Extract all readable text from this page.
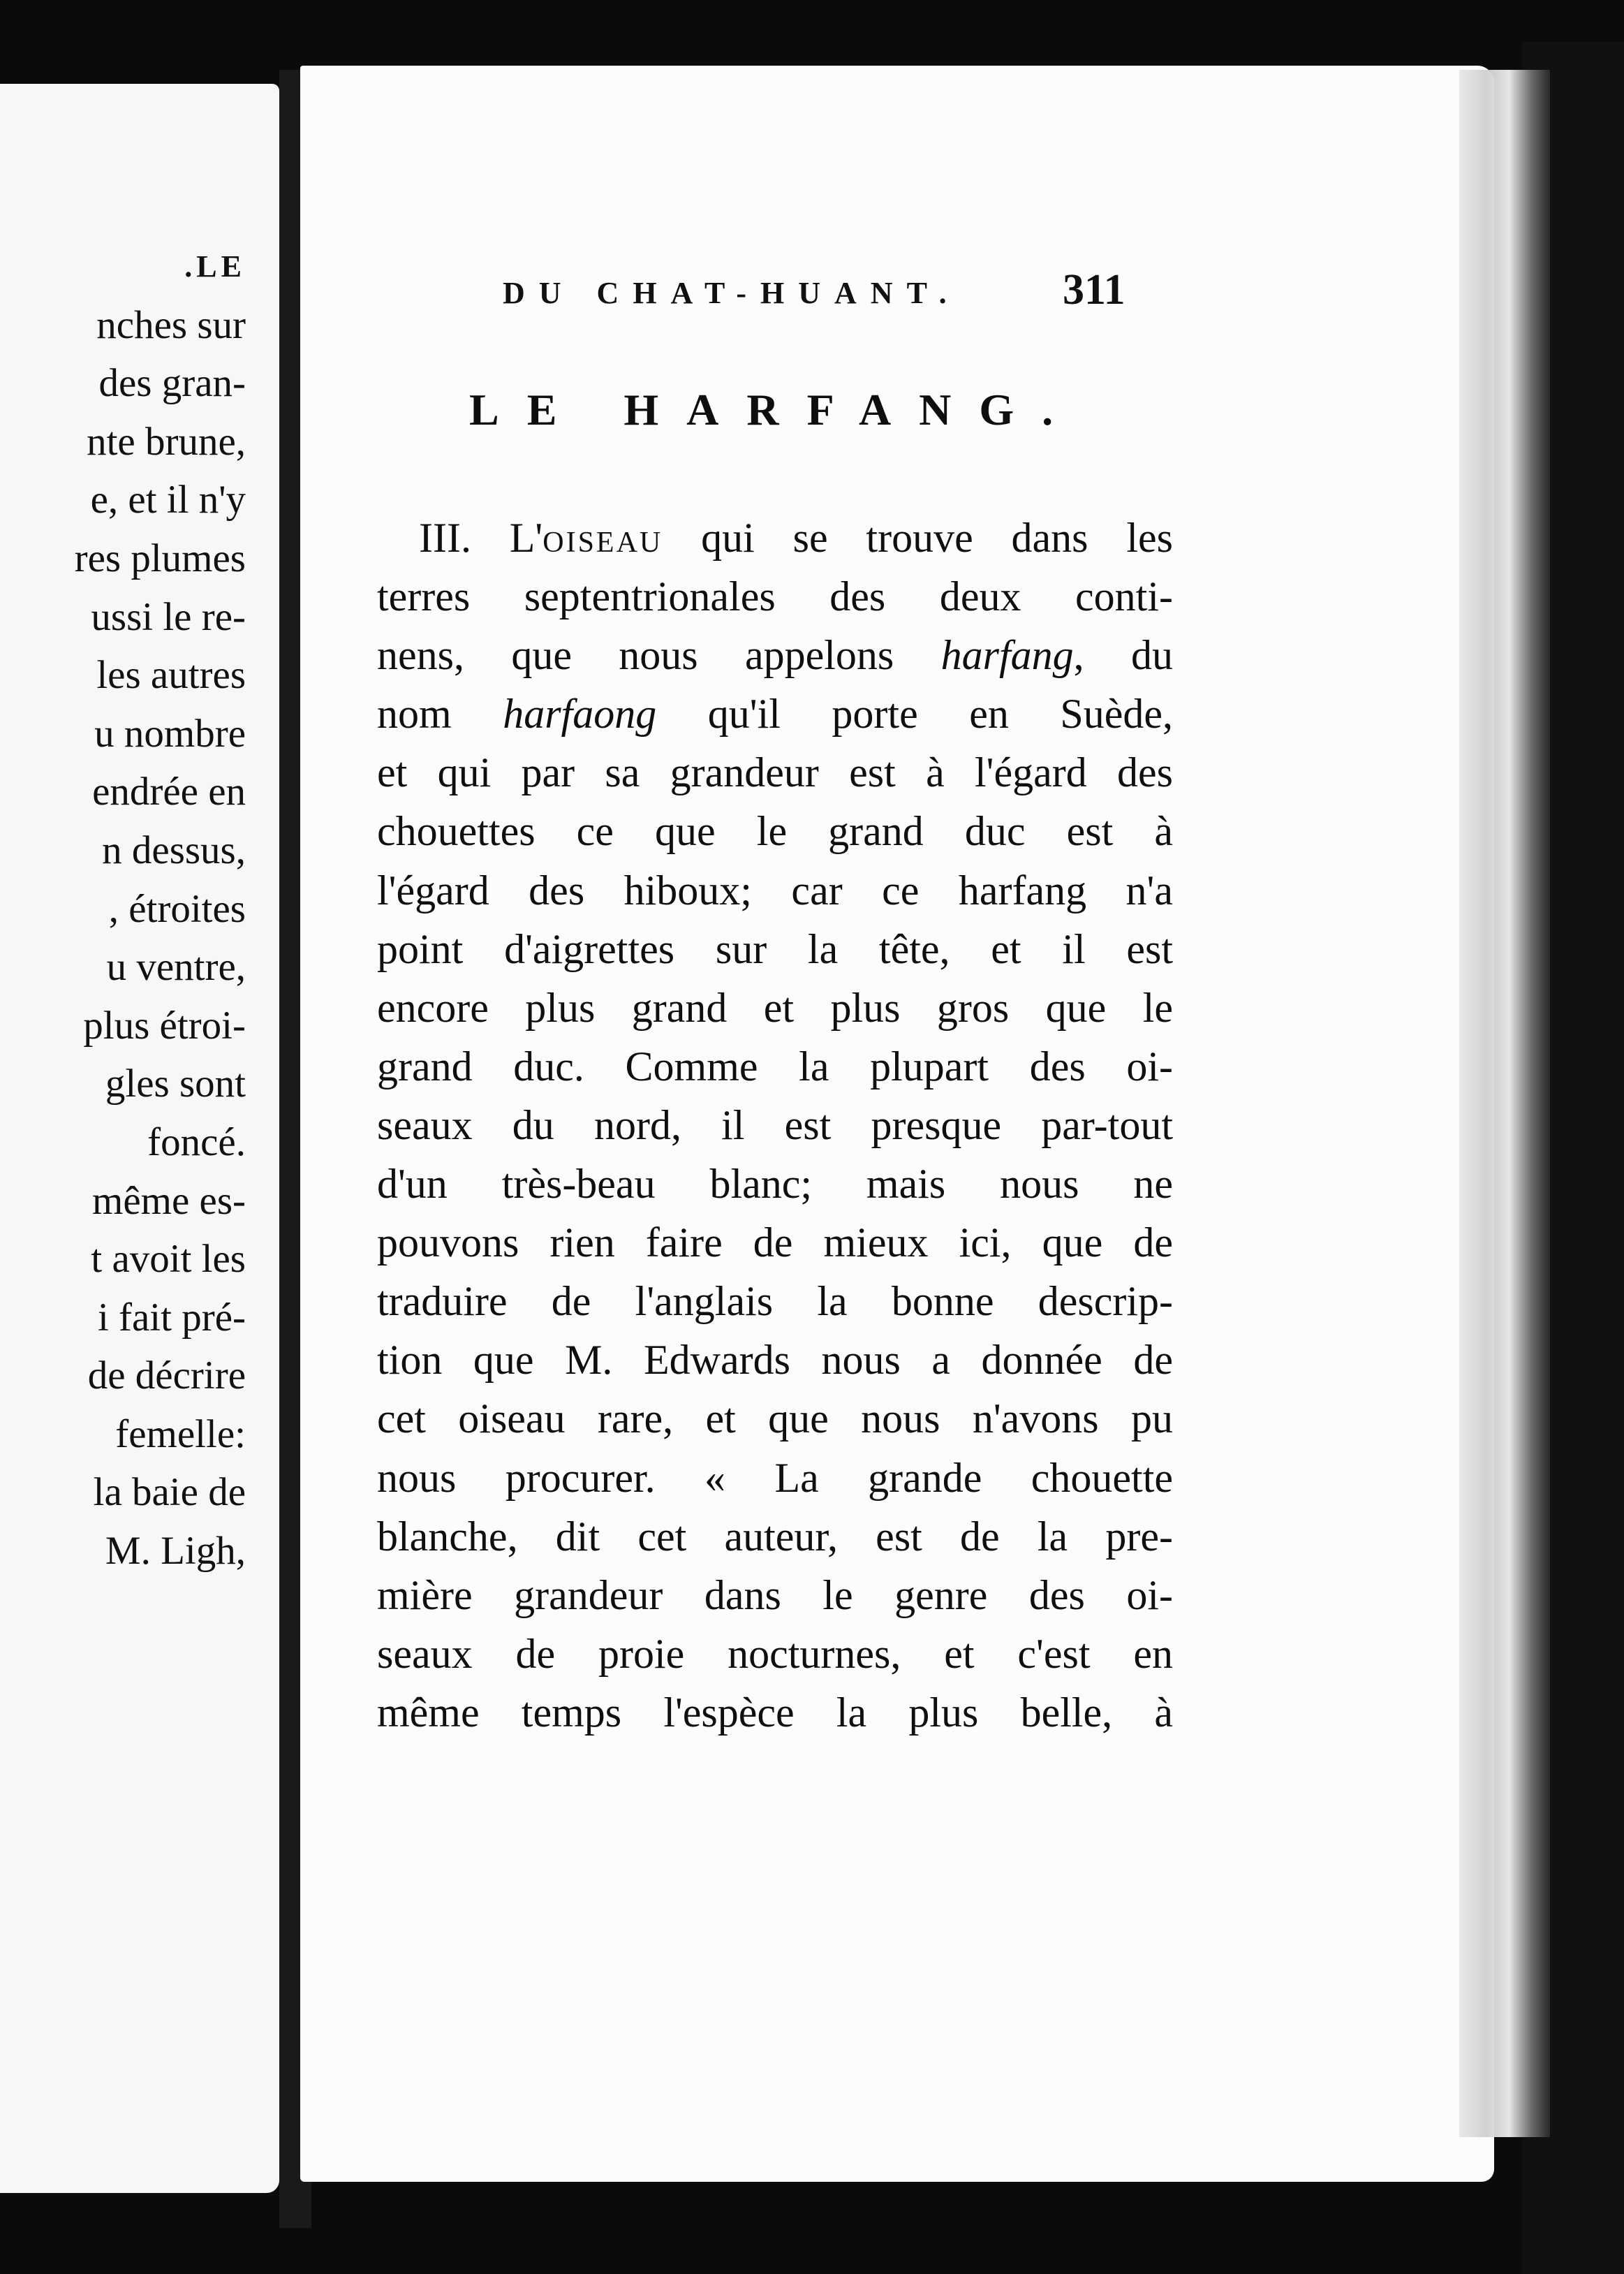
.LE
nches sur
des gran-
nte brune,
e, et il n'y
res plumes
ussi le re-
les autres
u nombre
endrée en
n dessus,
, étroites
u ventre,
plus étroi-
gles sont
foncé.
même es-
t avoit les
i fait pré-
de décrire
femelle:
la baie de
M. Ligh,
DU CHAT-HUANT. 311
LE HARFANG.
III. L'oiseau qui se trouve dans les
terres septentrionales des deux conti-
nens, que nous appelons harfang, du
nom harfaong qu'il porte en Suède,
et qui par sa grandeur est à l'égard des
chouettes ce que le grand duc est à
l'égard des hiboux; car ce harfang n'a
point d'aigrettes sur la tête, et il est
encore plus grand et plus gros que le
grand duc. Comme la plupart des oi-
seaux du nord, il est presque par-tout
d'un très-beau blanc; mais nous ne
pouvons rien faire de mieux ici, que de
traduire de l'anglais la bonne descrip-
tion que M. Edwards nous a donnée de
cet oiseau rare, et que nous n'avons pu
nous procurer. « La grande chouette
blanche, dit cet auteur, est de la pre-
mière grandeur dans le genre des oi-
seaux de proie nocturnes, et c'est en
même temps l'espèce la plus belle, à
